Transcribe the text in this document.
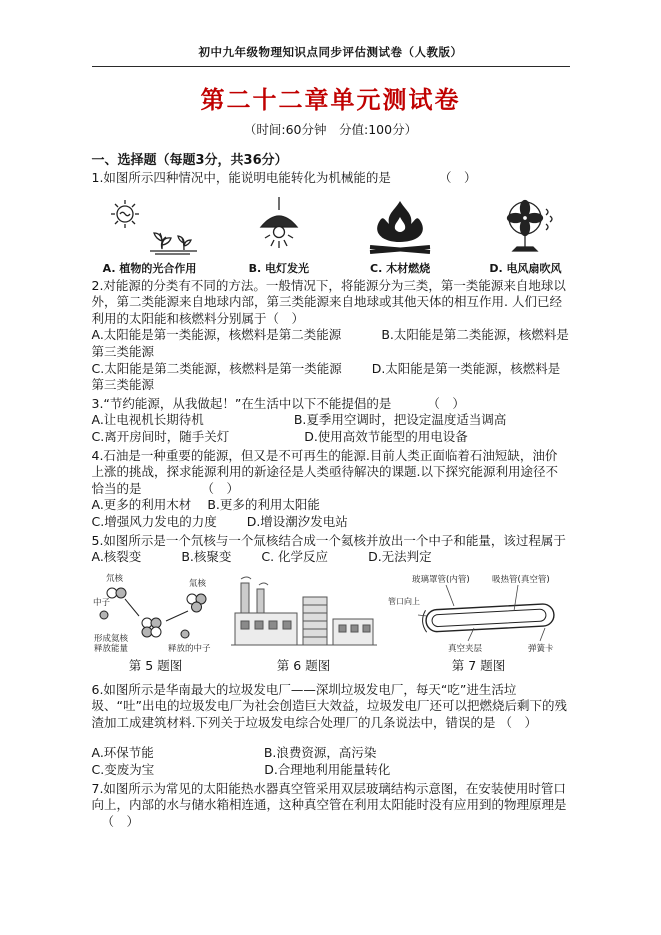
初中九年级物理知识点同步评估测试卷（人教版）
第二十二章单元测试卷
（时间:60分钟　分值:100分）
一、选择题（每题3分，共36分）

1.如图所示四种情况中，能说明电能转化为机械能的是	（　）

A. 植物的光合作用	B. 电灯发光	C. 木材燃烧	D. 电风扇吹风

2.对能源的分类有不同的方法。一般情况下，将能源分为三类，第一类能源来自地球以外，第二类能源来自地球内部，第三类能源来自地球或其他天体的相互作用. 人们已经利用的太阳能和核燃料分别属于（　）

A.太阳能是第一类能源，核燃料是第二类能源	B.太阳能是第二类能源，核燃料是第三类能源

C.太阳能是第二类能源，核燃料是第一类能源 D.太阳能是第一类能源，核燃料是第三类能源

3.“节约能源，从我做起！”在生活中以下不能提倡的是	（　）

A.让电视机长期待机	B.夏季用空调时，把设定温度适当调高

C.离开房间时，随手关灯	D.使用高效节能型的用电设备

4.石油是一种重要的能源，但又是不可再生的能源.目前人类正面临着石油短缺，油价上涨的挑战，探求能源利用的新途径是人类亟待解决的课题.以下探究能源利用途径不恰当的是	（　）

A.更多的利用木材 B.更多的利用太阳能

C.增强风力发电的力度 D.增设潮汐发电站

5.如图所示是一个氘核与一个氚核结合成一个氦核并放出一个中子和能量，该过程属于

A.核裂变	B.核聚变 C. 化学反应	D.无法判定

氘核
中子
氚核
形成氦核
释放能量	释放的中子
第 5 题图	第 6 题图
玻璃罩管(内管)	吸热管(真空管)
管口向上
真空夹层	弹簧卡
第 7 题图

6.如图所示是华南最大的垃圾发电厂——深圳垃圾发电厂，每天“吃”进生活垃圾、“吐”出电的垃圾发电厂为社会创造巨大效益，垃圾发电厂还可以把燃烧后剩下的残渣加工成建筑材料.下列关于垃圾发电综合处理厂的几条说法中，错误的是 （　）

A.环保节能	B.浪费资源，高污染

C.变废为宝	D.合理地利用能量转化

7.如图所示为常见的太阳能热水器真空管采用双层玻璃结构示意图，在安装使用时管口向上，内部的水与储水箱相连通，这种真空管在利用太阳能时没有应用到的物理原理是（　）
